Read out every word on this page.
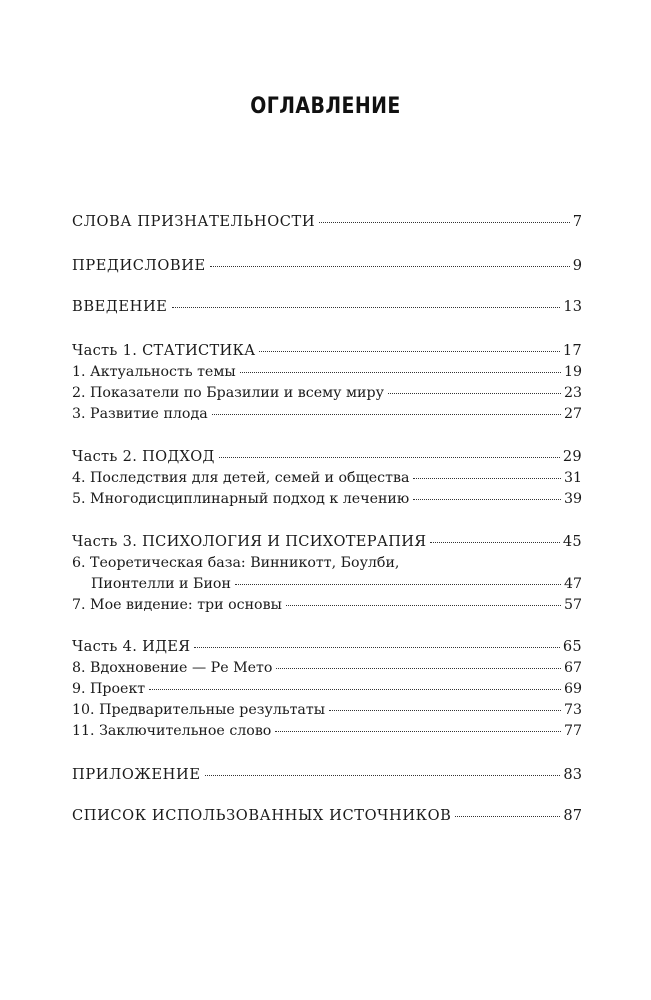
ОГЛАВЛЕНИЕ
СЛОВА ПРИЗНАТЕЛЬНОСТИ	7
ПРЕДИСЛОВИЕ	9
ВВЕДЕНИЕ	13
Часть 1. СТАТИСТИКА	17
1. Актуальность темы	19
2. Показатели по Бразилии и всему миру	23
3. Развитие плода	27
Часть 2. ПОДХОД	29
4. Последствия для детей, семей и общества	31
5. Многодисциплинарный подход к лечению	39
Часть 3. ПСИХОЛОГИЯ И ПСИХОТЕРАПИЯ	45
6. Теоретическая база: Винникотт, Боулби,
Пионтелли и Бион	47
7. Мое видение: три основы	57
Часть 4. ИДЕЯ	65
8. Вдохновение — Ре Мето	67
9. Проект	69
10. Предварительные результаты	73
11. Заключительное слово	77
ПРИЛОЖЕНИЕ	83
СПИСОК ИСПОЛЬЗОВАННЫХ ИСТОЧНИКОВ	87
